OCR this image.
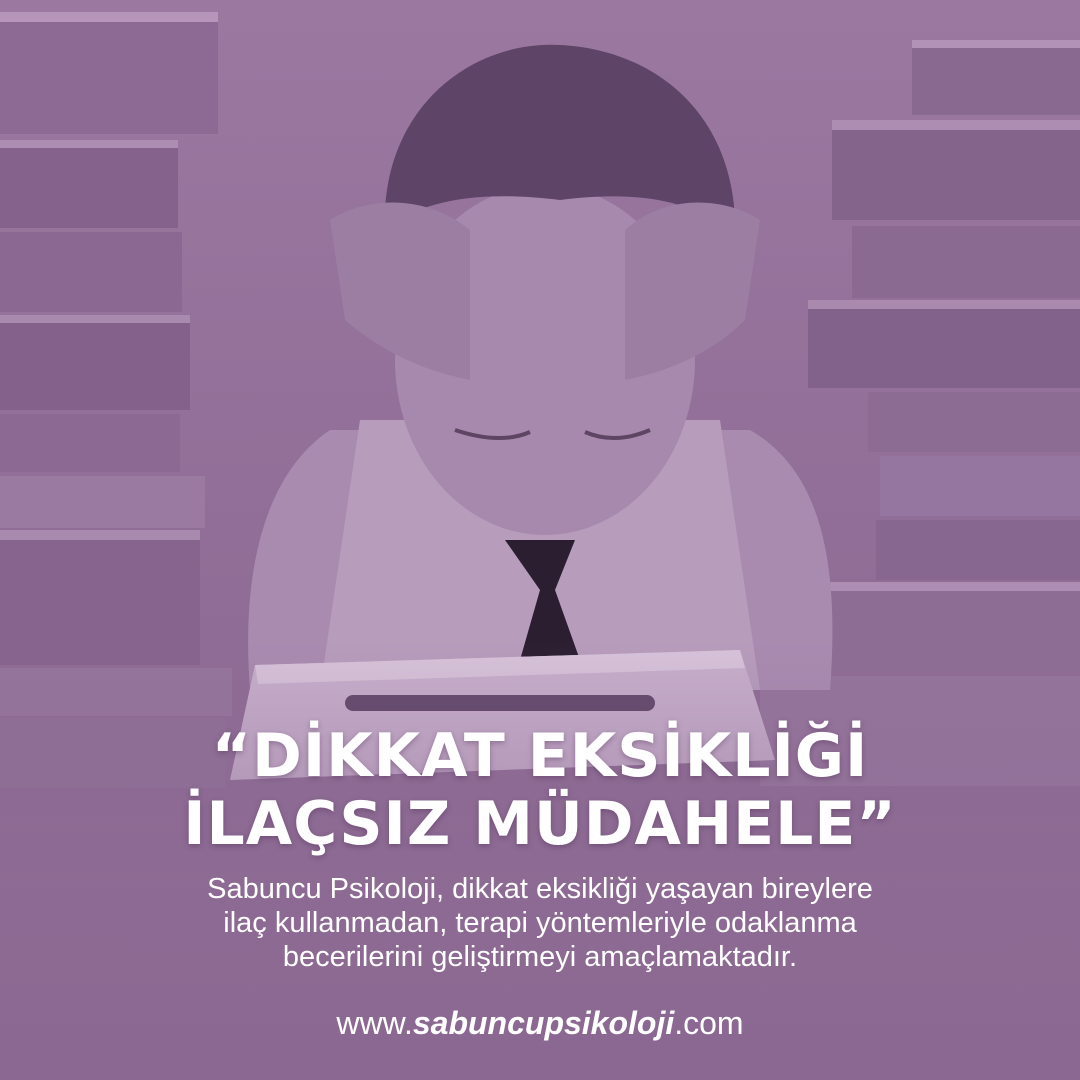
“DİKKAT EKSİKLİĞİ
İLAÇSIZ MÜDAHELE”
Sabuncu Psikoloji, dikkat eksikliği yaşayan bireylere
ilaç kullanmadan, terapi yöntemleriyle odaklanma
becerilerini geliştirmeyi amaçlamaktadır.
www.sabuncupsikoloji.com
